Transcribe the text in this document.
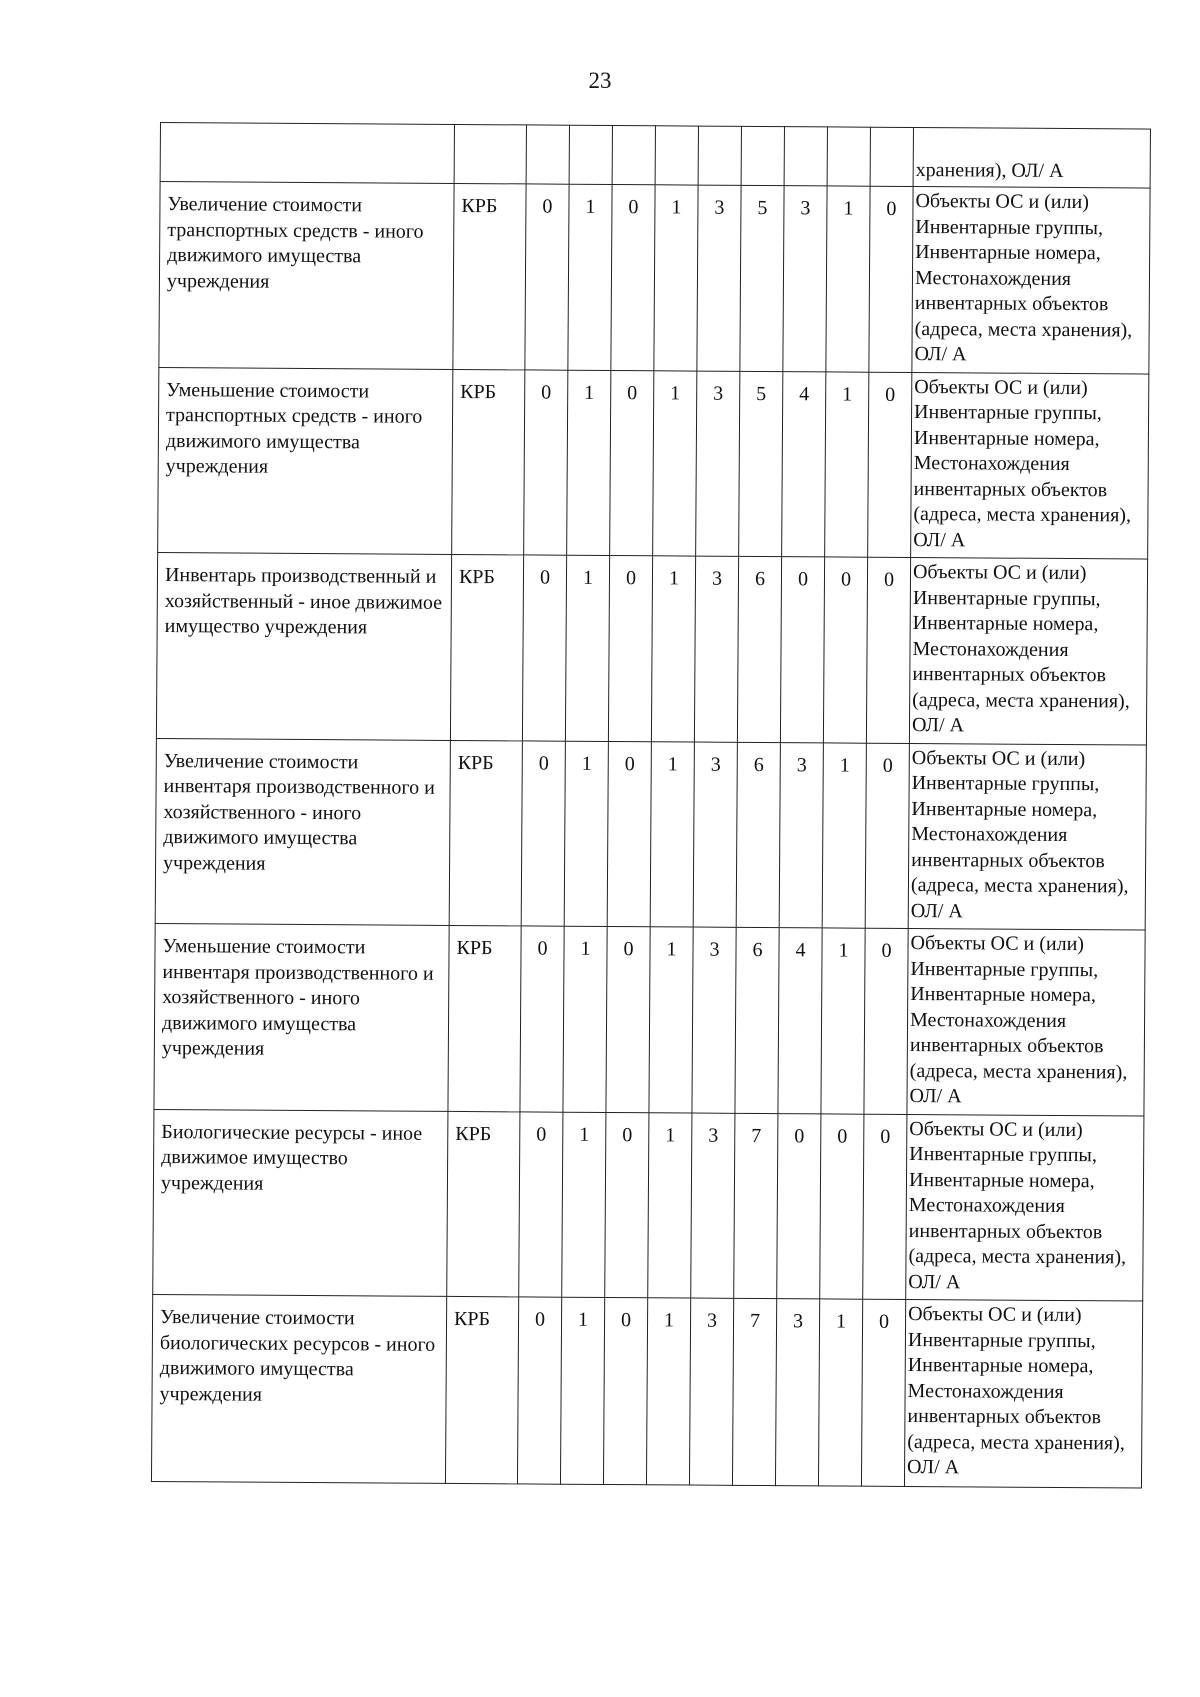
23
											хранения), ОЛ/ А
Увеличение стоимости транспортных средств - иного движимого имущества учреждения	КРБ	0	1	0	1	3	5	3	1	0	Объекты ОС и (или) Инвентарные группы, Инвентарные номера, Местонахождения инвентарных объектов (адреса, места хранения), ОЛ/ А
Уменьшение стоимости транспортных средств - иного движимого имущества учреждения	КРБ	0	1	0	1	3	5	4	1	0	Объекты ОС и (или) Инвентарные группы, Инвентарные номера, Местонахождения инвентарных объектов (адреса, места хранения), ОЛ/ А
Инвентарь производственный и хозяйственный - иное движимое имущество учреждения	КРБ	0	1	0	1	3	6	0	0	0	Объекты ОС и (или) Инвентарные группы, Инвентарные номера, Местонахождения инвентарных объектов (адреса, места хранения), ОЛ/ А
Увеличение стоимости инвентаря производственного и хозяйственного - иного движимого имущества учреждения	КРБ	0	1	0	1	3	6	3	1	0	Объекты ОС и (или) Инвентарные группы, Инвентарные номера, Местонахождения инвентарных объектов (адреса, места хранения), ОЛ/ А
Уменьшение стоимости инвентаря производственного и хозяйственного - иного движимого имущества учреждения	КРБ	0	1	0	1	3	6	4	1	0	Объекты ОС и (или) Инвентарные группы, Инвентарные номера, Местонахождения инвентарных объектов (адреса, места хранения), ОЛ/ А
Биологические ресурсы - иное движимое имущество учреждения	КРБ	0	1	0	1	3	7	0	0	0	Объекты ОС и (или) Инвентарные группы, Инвентарные номера, Местонахождения инвентарных объектов (адреса, места хранения), ОЛ/ А
Увеличение стоимости биологических ресурсов - иного движимого имущества учреждения	КРБ	0	1	0	1	3	7	3	1	0	Объекты ОС и (или) Инвентарные группы, Инвентарные номера, Местонахождения инвентарных объектов (адреса, места хранения), ОЛ/ А
